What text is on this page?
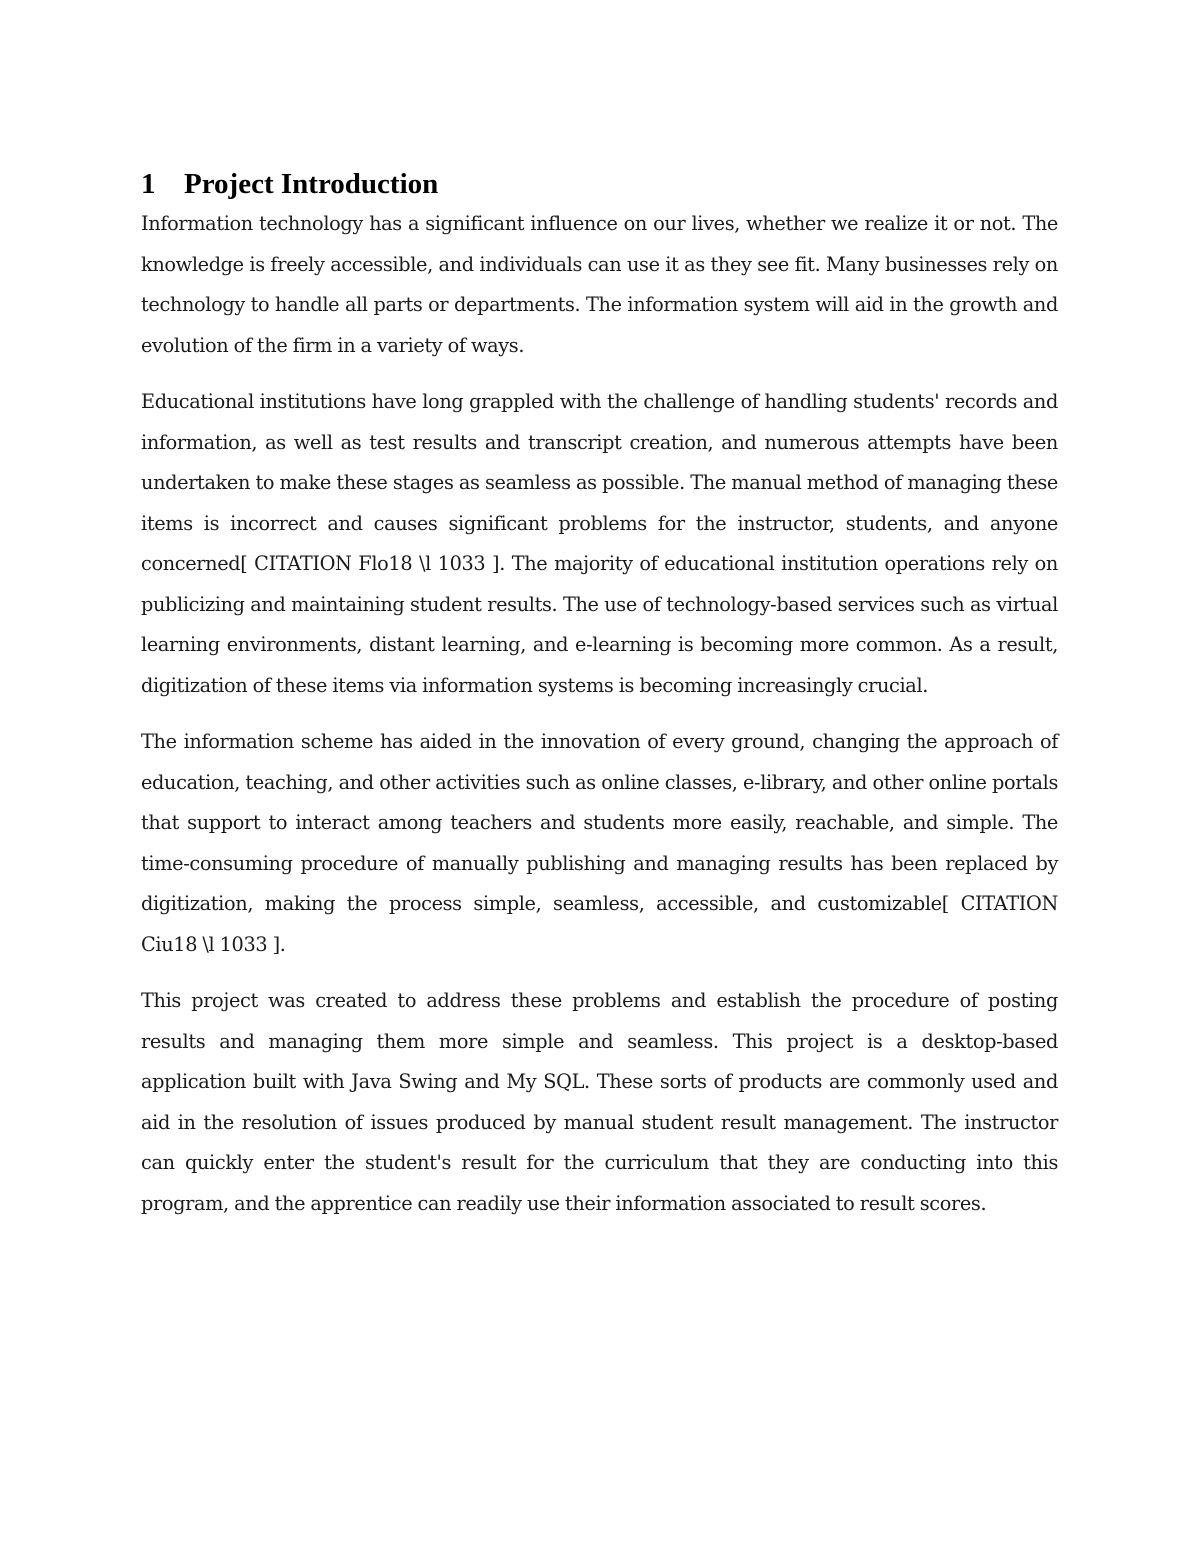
1 Project Introduction

Information technology has a significant influence on our lives, whether we realize it or not. The knowledge is freely accessible, and individuals can use it as they see fit. Many businesses rely on technology to handle all parts or departments. The information system will aid in the growth and evolution of the firm in a variety of ways.

Educational institutions have long grappled with the challenge of handling students' records and information, as well as test results and transcript creation, and numerous attempts have been undertaken to make these stages as seamless as possible. The manual method of managing these items is incorrect and causes significant problems for the instructor, students, and anyone concerned[ CITATION Flo18 \l 1033 ]. The majority of educational institution operations rely on publicizing and maintaining student results. The use of technology-based services such as virtual learning environments, distant learning, and e-learning is becoming more common. As a result, digitization of these items via information systems is becoming increasingly crucial.

The information scheme has aided in the innovation of every ground, changing the approach of education, teaching, and other activities such as online classes, e-library, and other online portals that support to interact among teachers and students more easily, reachable, and simple. The time-consuming procedure of manually publishing and managing results has been replaced by digitization, making the process simple, seamless, accessible, and customizable[ CITATION Ciu18 \l 1033 ].

This project was created to address these problems and establish the procedure of posting results and managing them more simple and seamless. This project is a desktop-based application built with Java Swing and My SQL. These sorts of products are commonly used and aid in the resolution of issues produced by manual student result management. The instructor can quickly enter the student's result for the curriculum that they are conducting into this program, and the apprentice can readily use their information associated to result scores.
